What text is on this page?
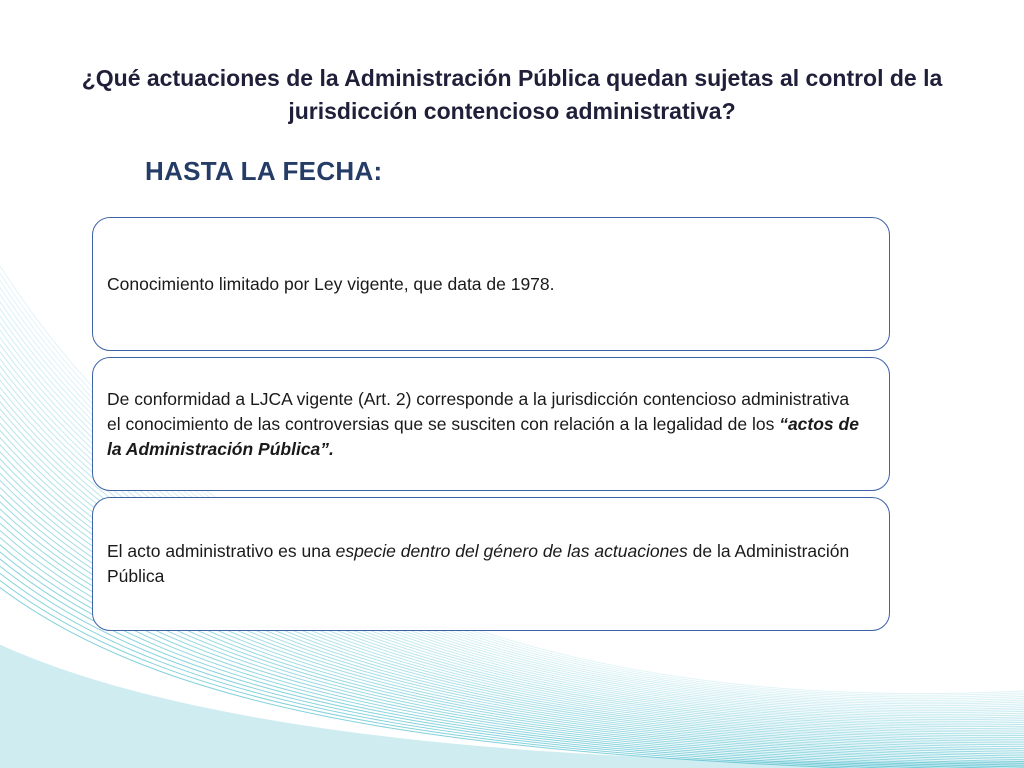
¿Qué actuaciones de la Administración Pública quedan sujetas al control de la jurisdicción contencioso administrativa?
HASTA LA FECHA:

Conocimiento limitado por Ley vigente, que data de 1978.

De conformidad a LJCA vigente (Art. 2) corresponde a la jurisdicción contencioso administrativa el conocimiento de las controversias que se susciten con relación a la legalidad de los “actos de la Administración Pública”.

El acto administrativo es una especie dentro del género de las actuaciones de la Administración Pública
